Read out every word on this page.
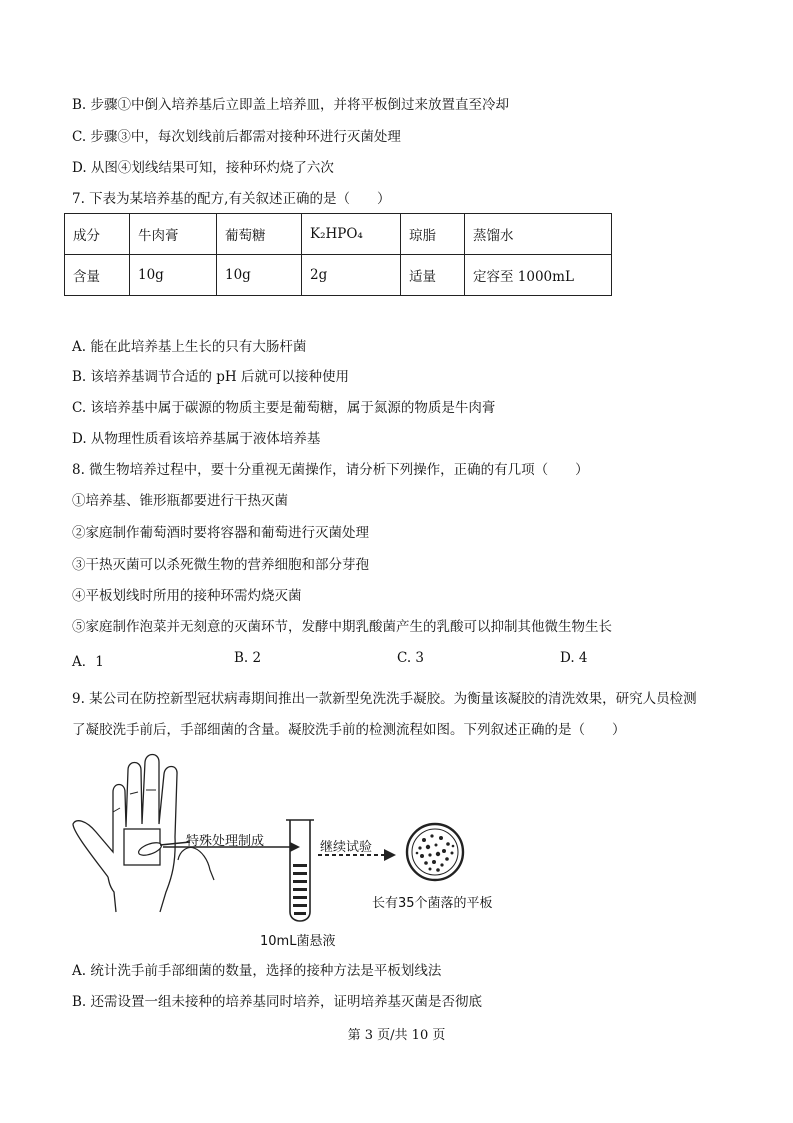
B. 步骤①中倒入培养基后立即盖上培养皿，并将平板倒过来放置直至冷却
C. 步骤③中，每次划线前后都需对接种环进行灭菌处理
D. 从图④划线结果可知，接种环灼烧了六次
7. 下表为某培养基的配方,有关叙述正确的是（　　）
成分	牛肉膏	葡萄糖	K₂HPO₄	琼脂	蒸馏水
含量	10g	10g	2g	适量	定容至 1000mL
A. 能在此培养基上生长的只有大肠杆菌
B. 该培养基调节合适的 pH 后就可以接种使用
C. 该培养基中属于碳源的物质主要是葡萄糖，属于氮源的物质是牛肉膏
D. 从物理性质看该培养基属于液体培养基
8. 微生物培养过程中，要十分重视无菌操作，请分析下列操作，正确的有几项（　　）
①培养基、锥形瓶都要进行干热灭菌
②家庭制作葡萄酒时要将容器和葡萄进行灭菌处理
③干热灭菌可以杀死微生物的营养细胞和部分芽孢
④平板划线时所用的接种环需灼烧灭菌
⑤家庭制作泡菜并无刻意的灭菌环节，发酵中期乳酸菌产生的乳酸可以抑制其他微生物生长
A．1	B. 2	C. 3	D. 4
9. 某公司在防控新型冠状病毒期间推出一款新型免洗洗手凝胶。为衡量该凝胶的清洗效果，研究人员检测
了凝胶洗手前后，手部细菌的含量。凝胶洗手前的检测流程如图。下列叙述正确的是（　　）
特殊处理制成	继续试验
10mL菌悬液
长有35个菌落的平板
A. 统计洗手前手部细菌的数量，选择的接种方法是平板划线法
B. 还需设置一组未接种的培养基同时培养，证明培养基灭菌是否彻底
第 3 页/共 10 页
